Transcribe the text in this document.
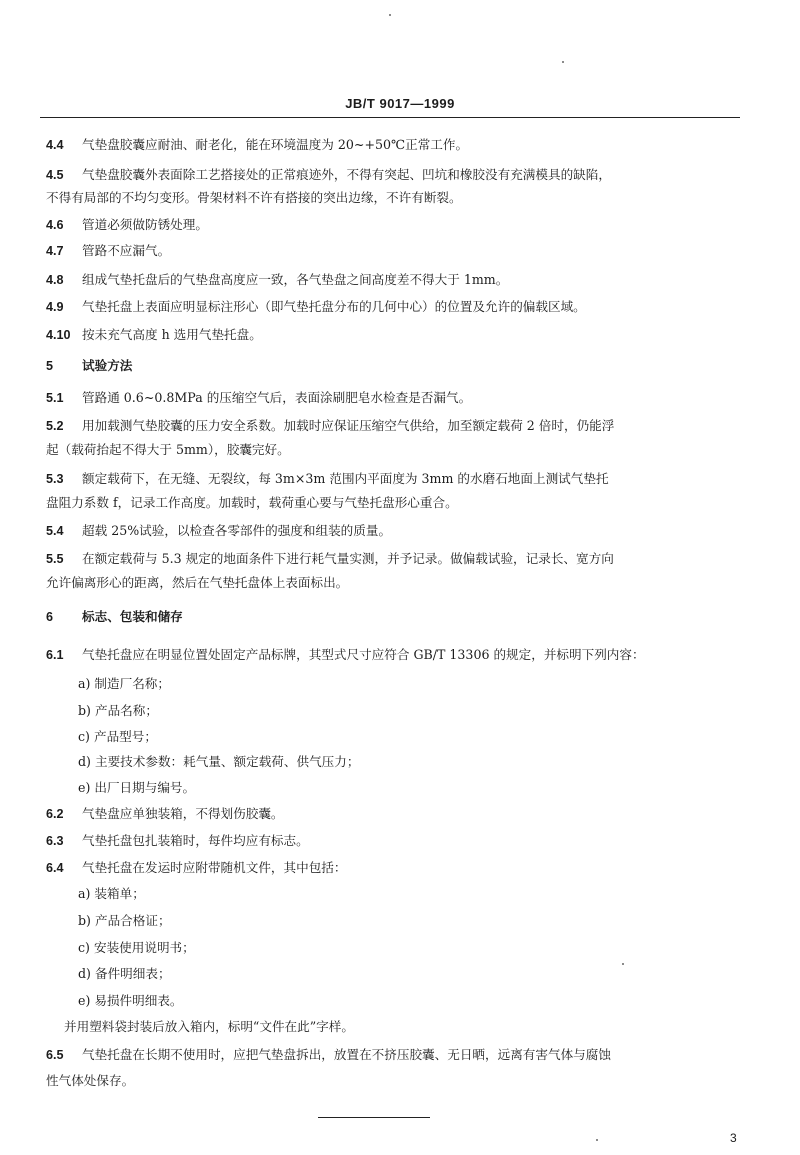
JB/T 9017—1999
4.4 气垫盘胶囊应耐油、耐老化，能在环境温度为 20~+50℃正常工作。
4.5 气垫盘胶囊外表面除工艺搭接处的正常痕迹外，不得有突起、凹坑和橡胶没有充满模具的缺陷，
不得有局部的不均匀变形。骨架材料不许有搭接的突出边缘，不许有断裂。
4.6 管道必须做防锈处理。
4.7 管路不应漏气。
4.8 组成气垫托盘后的气垫盘高度应一致，各气垫盘之间高度差不得大于 1mm。
4.9 气垫托盘上表面应明显标注形心（即气垫托盘分布的几何中心）的位置及允许的偏载区域。
4.10 按未充气高度 h 选用气垫托盘。
5 试验方法
5.1 管路通 0.6~0.8MPa 的压缩空气后，表面涂刷肥皂水检查是否漏气。
5.2 用加载测气垫胶囊的压力安全系数。加载时应保证压缩空气供给，加至额定载荷 2 倍时，仍能浮
起（载荷抬起不得大于 5mm），胶囊完好。
5.3 额定载荷下，在无缝、无裂纹，每 3m×3m 范围内平面度为 3mm 的水磨石地面上测试气垫托
盘阻力系数 f，记录工作高度。加载时，载荷重心要与气垫托盘形心重合。
5.4 超载 25%试验，以检查各零部件的强度和组装的质量。
5.5 在额定载荷与 5.3 规定的地面条件下进行耗气量实测，并予记录。做偏载试验，记录长、宽方向
允许偏离形心的距离，然后在气垫托盘体上表面标出。
6 标志、包装和储存
6.1 气垫托盘应在明显位置处固定产品标牌，其型式尺寸应符合 GB/T 13306 的规定，并标明下列内容：
a) 制造厂名称；
b) 产品名称；
c) 产品型号；
d) 主要技术参数：耗气量、额定载荷、供气压力；
e) 出厂日期与编号。
6.2 气垫盘应单独装箱，不得划伤胶囊。
6.3 气垫托盘包扎装箱时，每件均应有标志。
6.4 气垫托盘在发运时应附带随机文件，其中包括：
a) 装箱单；
b) 产品合格证；
c) 安装使用说明书；
d) 备件明细表；
e) 易损件明细表。
并用塑料袋封装后放入箱内，标明“文件在此”字样。
6.5 气垫托盘在长期不使用时，应把气垫盘拆出，放置在不挤压胶囊、无日晒，远离有害气体与腐蚀
性气体处保存。
3
